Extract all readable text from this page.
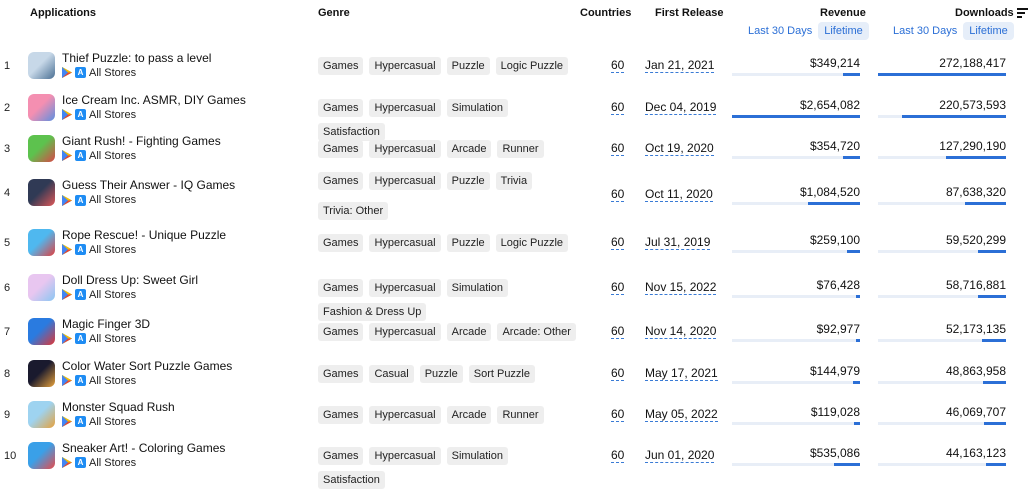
Applications	Genre	Countries First Release	Revenue	Downloads
Last 30 Days	Lifetime	Last 30 Days	Lifetime
1
Thief Puzzle: to pass a level
A All Stores
Games	Hypercasual	Puzzle	Logic Puzzle	60 Jan 21, 2021	$349,214	272,188,417
2
Ice Cream Inc. ASMR, DIY Games
A All Stores
Games	Hypercasual	Simulation
Satisfaction
60 Dec 04, 2019	$2,654,082	220,573,593
3
Giant Rush! - Fighting Games
A All Stores
Games	Hypercasual	Arcade	Runner	60 Oct 19, 2020	$354,720	127,290,190
4
Guess Their Answer - IQ Games
A All Stores
Games	Hypercasual	Puzzle	Trivia
Trivia: Other
60 Oct 11, 2020	$1,084,520	87,638,320
5
Rope Rescue! - Unique Puzzle
A All Stores
Games	Hypercasual	Puzzle	Logic Puzzle	60 Jul 31, 2019	$259,100	59,520,299
6
Doll Dress Up: Sweet Girl
A All Stores
Games	Hypercasual	Simulation
Fashion & Dress Up
60 Nov 15, 2022	$76,428	58,716,881
7
Magic Finger 3D
A All Stores
Games	Hypercasual	Arcade	Arcade: Other	60 Nov 14, 2020	$92,977	52,173,135
8
Color Water Sort Puzzle Games
A All Stores
Games	Casual	Puzzle	Sort Puzzle	60 May 17, 2021	$144,979	48,863,958
9
Monster Squad Rush
A All Stores
Games	Hypercasual	Arcade	Runner	60 May 05, 2022	$119,028	46,069,707
10
Sneaker Art! - Coloring Games
A All Stores
Games	Hypercasual	Simulation
Satisfaction
60 Jun 01, 2020	$535,086	44,163,123
